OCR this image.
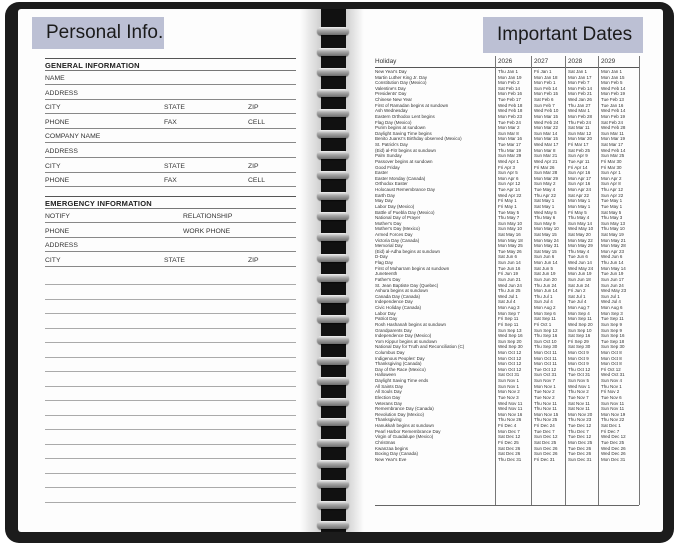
Personal Info.
GENERAL INFORMATION
NAME
ADDRESS
CITY	STATE	ZIP
PHONE	FAX	CELL
COMPANY NAME
ADDRESS
CITY	STATE	ZIP
PHONE	FAX	CELL
EMERGENCY INFORMATION
NOTIFY	RELATIONSHIP
PHONE	WORK PHONE
ADDRESS
CITY	STATE	ZIP
Important Dates
Holiday	2026	2027	2028	2029
New Year's Day	Thu Jan 1	Fri Jan 1	Sat Jan 1	Mon Jan 1
Martin Luther King Jr. Day	Mon Jan 19	Mon Jan 18	Mon Jan 17	Mon Jan 15
Constitution Day (Mexico)	Mon Feb 2	Mon Feb 1	Mon Feb 7	Mon Feb 5
Valentine's Day	Sat Feb 14	Sun Feb 14	Mon Feb 14	Wed Feb 14
Presidents' Day	Mon Feb 16	Mon Feb 15	Mon Feb 21	Mon Feb 19
Chinese New Year	Tue Feb 17	Sat Feb 6	Wed Jan 26	Tue Feb 13
First of Ramadan begins at sundown	Wed Feb 18	Sun Feb 7	Thu Jan 27	Tue Jan 16
Ash Wednesday	Wed Feb 18	Wed Feb 10	Wed Mar 1	Wed Feb 14
Eastern Orthodox Lent begins	Mon Feb 23	Mon Mar 15	Mon Feb 28	Mon Feb 19
Flag Day (Mexico)	Tue Feb 24	Wed Feb 24	Thu Feb 24	Sat Feb 24
Purim begins at sundown	Mon Mar 2	Mon Mar 22	Sat Mar 11	Wed Feb 28
Daylight Saving Time begins	Sun Mar 8	Sun Mar 14	Sun Mar 12	Sun Mar 11
Benito Juarez's Birthday observed (Mexico)	Mon Mar 16	Mon Mar 15	Mon Mar 20	Mon Mar 19
St. Patrick's Day	Tue Mar 17	Wed Mar 17	Fri Mar 17	Sat Mar 17
(Eid) al-Fitr begins at sundown	Thu Mar 19	Mon Mar 8	Sat Feb 25	Wed Feb 14
Palm Sunday	Sun Mar 29	Sun Mar 21	Sun Apr 9	Sun Mar 25
Passover begins at sundown	Wed Apr 1	Wed Apr 21	Tue Apr 11	Fri Mar 30
Good Friday	Fri Apr 3	Fri Mar 26	Fri Apr 14	Fri Mar 30
Easter	Sun Apr 5	Sun Mar 28	Sun Apr 16	Sun Apr 1
Easter Monday (Canada)	Mon Apr 6	Mon Mar 29	Mon Apr 17	Mon Apr 2
Orthodox Easter	Sun Apr 12	Sun May 2	Sun Apr 16	Sun Apr 8
Holocaust Remembrance Day	Tue Apr 14	Tue May 4	Mon Apr 24	Thu Apr 12
Earth Day	Wed Apr 22	Thu Apr 22	Sat Apr 22	Sun Apr 22
May Day	Fri May 1	Sat May 1	Mon May 1	Tue May 1
Labor Day (Mexico)	Fri May 1	Sat May 1	Mon May 1	Tue May 1
Battle of Puebla Day (Mexico)	Tue May 5	Wed May 5	Fri May 5	Sat May 5
National Day of Prayer	Thu May 7	Thu May 6	Thu May 4	Thu May 3
Mother's Day	Sun May 10	Sun May 9	Sun May 14	Sun May 13
Mother's Day (Mexico)	Sun May 10	Mon May 10	Wed May 10	Thu May 10
Armed Forces Day	Sat May 16	Sat May 15	Sat May 20	Sat May 19
Victoria Day (Canada)	Mon May 18	Mon May 24	Mon May 22	Mon May 21
Memorial Day	Mon May 25	Mon May 31	Mon May 29	Mon May 28
(Eid) al-Adha begins at sundown	Tue May 26	Sat May 15	Thu May 4	Mon Apr 23
D-Day	Sat Jun 6	Sun Jun 6	Tue Jun 6	Wed Jun 6
Flag Day	Sun Jun 14	Mon Jun 14	Wed Jun 14	Thu Jun 14
First of Muharram begins at sundown	Tue Jun 16	Sat Jun 5	Wed May 24	Mon May 14
Juneteenth	Fri Jun 19	Sat Jun 19	Mon Jun 19	Tue Jun 19
Father's Day	Sun Jun 21	Sun Jun 20	Sun Jun 18	Sun Jun 17
St. Jean Baptiste Day (Quebec)	Wed Jun 24	Thu Jun 24	Sat Jun 24	Sun Jun 24
Ashura begins at sundown	Thu Jun 25	Mon Jun 14	Fri Jun 2	Wed May 23
Canada Day (Canada)	Wed Jul 1	Thu Jul 1	Sat Jul 1	Sun Jul 1
Independence Day	Sat Jul 4	Sun Jul 4	Tue Jul 4	Wed Jul 4
Civic Holiday (Canada)	Mon Aug 3	Mon Aug 2	Mon Aug 7	Mon Aug 6
Labor Day	Mon Sep 7	Mon Sep 6	Mon Sep 4	Mon Sep 3
Patriot Day	Fri Sep 11	Sat Sep 11	Mon Sep 11	Tue Sep 11
Rosh Hashanah begins at sundown	Fri Sep 11	Fri Oct 1	Wed Sep 20	Sun Sep 9
Grandparents Day	Sun Sep 13	Sun Sep 12	Sun Sep 10	Sun Sep 9
Independence Day (Mexico)	Wed Sep 16	Thu Sep 16	Sat Sep 16	Sun Sep 16
Yom Kippur begins at sundown	Sun Sep 20	Sun Oct 10	Fri Sep 29	Tue Sep 18
National Day for Truth and Reconciliation (C)	Wed Sep 30	Thu Sep 30	Sat Sep 30	Sun Sep 30
Columbus Day	Mon Oct 12	Mon Oct 11	Mon Oct 9	Mon Oct 8
Indigenous Peoples' Day	Mon Oct 12	Mon Oct 11	Mon Oct 9	Mon Oct 8
Thanksgiving (Canada)	Mon Oct 12	Mon Oct 11	Mon Oct 9	Mon Oct 8
Day of the Race (Mexico)	Mon Oct 12	Tue Oct 12	Thu Oct 12	Fri Oct 12
Halloween	Sat Oct 31	Sun Oct 31	Tue Oct 31	Wed Oct 31
Daylight Saving Time ends	Sun Nov 1	Sun Nov 7	Sun Nov 5	Sun Nov 4
All Saints Day	Sun Nov 1	Mon Nov 1	Wed Nov 1	Thu Nov 1
All Souls Day	Mon Nov 2	Tue Nov 2	Thu Nov 2	Fri Nov 2
Election Day	Tue Nov 3	Tue Nov 2	Tue Nov 7	Tue Nov 6
Veterans Day	Wed Nov 11	Thu Nov 11	Sat Nov 11	Sun Nov 11
Remembrance Day (Canada)	Wed Nov 11	Thu Nov 11	Sat Nov 11	Sun Nov 11
Revolution Day (Mexico)	Mon Nov 16	Mon Nov 15	Mon Nov 20	Mon Nov 19
Thanksgiving	Thu Nov 26	Thu Nov 25	Thu Nov 23	Thu Nov 22
Hanukkah begins at sundown	Fri Dec 4	Fri Dec 24	Tue Dec 12	Sat Dec 1
Pearl Harbor Remembrance Day	Mon Dec 7	Tue Dec 7	Thu Dec 7	Fri Dec 7
Virgin of Guadalupe (Mexico)	Sat Dec 12	Sun Dec 12	Tue Dec 12	Wed Dec 12
Christmas	Fri Dec 25	Sat Dec 25	Mon Dec 25	Tue Dec 25
Kwanzaa begins	Sat Dec 26	Sun Dec 26	Tue Dec 26	Wed Dec 26
Boxing Day (Canada)	Sat Dec 26	Sun Dec 26	Tue Dec 26	Wed Dec 26
New Year's Eve	Thu Dec 31	Fri Dec 31	Sun Dec 31	Mon Dec 31
